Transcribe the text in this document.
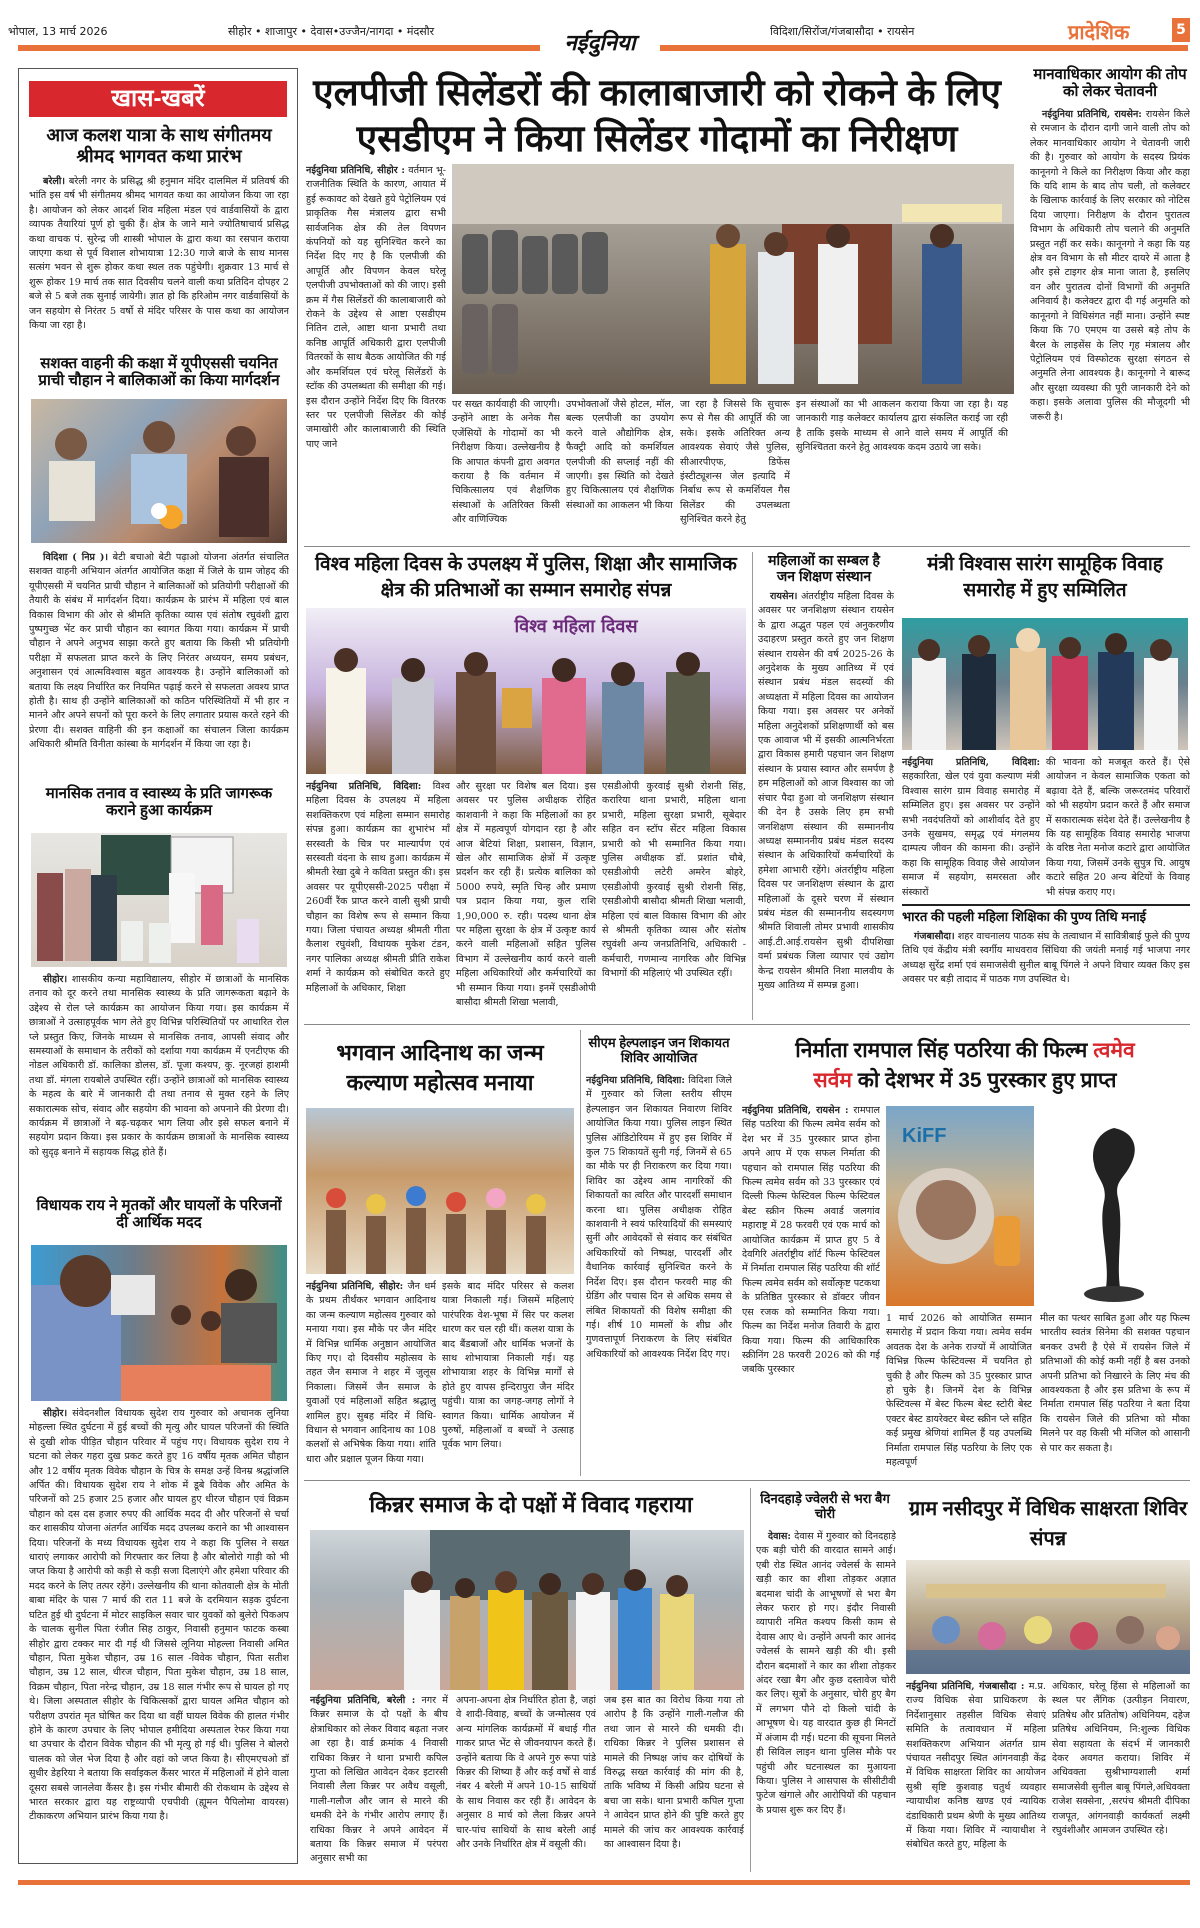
भोपाल, 13 मार्च 2026	सीहोर • शाजापुर • देवास•उज्जैन/नागदा • मंदसौर	विदिशा/सिरोंज/गंजबासौदा • रायसेन
नईदुनिया	प्रादेशिक	5
खास-खबरें
आज कलश यात्रा के साथ संगीतमय श्रीमद भागवत कथा प्रारंभ
बरेली। बरेली नगर के प्रसिद्ध श्री हनुमान मंदिर दालमिल में प्रतिवर्ष की भांति इस वर्ष भी संगीतमय श्रीमद भागवत कथा का आयोजन किया जा रहा है। आयोजन को लेकर आदर्श शिव महिला मंडल एवं वार्डवासियों के द्वारा व्यापक तैयारियां पूर्ण हो चुकी हैं। क्षेत्र के जाने माने ज्योतिषाचार्य प्रसिद्ध कथा वाचक पं. सुरेन्द्र जी शास्त्री भोपाल के द्वारा कथा का रसपान कराया जाएगा कथा से पूर्व विशाल शोभायात्रा 12:30 गाजे बाजे के साथ मानस सत्संग भवन से शुरू होकर कथा स्थल तक पहुंचेगी। शुक्रवार 13 मार्च से शुरू होकर 19 मार्च तक सात दिवसीय चलने वाली कथा प्रतिदिन दोपहर 2 बजे से 5 बजे तक सुनाई जायेगी। ज्ञात हो कि हरिओम नगर वार्डवासियों के जन सहयोग से निरंतर 5 वर्षो से मंदिर परिसर के पास कथा का आयोजन किया जा रहा है।
सशक्त वाहनी की कक्षा में यूपीएससी चयनित प्राची चौहान ने बालिकाओं का किया मार्गदर्शन
विदिशा ( निप्र )। बेटी बचाओ बेटी पढ़ाओ योजना अंतर्गत संचालित सशक्त वाहनी अभियान अंतर्गत आयोजित कक्षा में जिले के ग्राम जोहद की यूपीएससी में चयनित प्राची चौहान ने बालिकाओं को प्रतियोगी परीक्षाओं की तैयारी के संबंध में मार्गदर्शन दिया। कार्यक्रम के प्रारंभ में महिला एवं बाल विकास विभाग की ओर से श्रीमति कृतिका व्यास एवं संतोष रघुवंशी द्वारा पुष्पगुच्छ भेंट कर प्राची चौहान का स्वागत किया गया। कार्यक्रम में प्राची चौहान ने अपने अनुभव साझा करते हुए बताया कि किसी भी प्रतियोगी परीक्षा में सफलता प्राप्त करने के लिए निरंतर अध्ययन, समय प्रबंधन, अनुशासन एवं आत्मविश्वास बहुत आवश्यक है। उन्होंने बालिकाओं को बताया कि लक्ष्य निर्धारित कर नियमित पढ़ाई करने से सफलता अवश्य प्राप्त होती है। साथ ही उन्होंने बालिकाओं को कठिन परिस्थितियों में भी हार न मानने और अपने सपनों को पूरा करने के लिए लगातार प्रयास करते रहने की प्रेरणा दी। सशक्त वाहिनी की इन कक्षाओं का संचालन जिला कार्यक्रम अधिकारी श्रीमति विनीता कांस्बा के मार्गदर्शन में किया जा रहा है।
मानसिक तनाव व स्वास्थ्य के प्रति जागरूक कराने हुआ कार्यक्रम
सीहोर। शासकीय कन्या महाविद्यालय, सीहोर में छात्राओं के मानसिक तनाव को दूर करने तथा मानसिक स्वास्थ्य के प्रति जागरूकता बढ़ाने के उद्देश्य से रोल प्ले कार्यक्रम का आयोजन किया गया। इस कार्यक्रम में छात्राओं ने उत्साहपूर्वक भाग लेते हुए विभिन्न परिस्थितियों पर आधारित रोल प्ले प्रस्तुत किए, जिनके माध्यम से मानसिक तनाव, आपसी संवाद और समस्याओं के समाधान के तरीकों को दर्शाया गया कार्यक्रम में एनटीएफ की नोडल अधिकारी डॉ. कालिका डोलस, डॉ. पूजा कश्यप, कु. नूरजहां हाशमी तथा डॉ. मंगला रायबोले उपस्थित रहीं। उन्होंने छात्राओं को मानसिक स्वास्थ्य के महत्व के बारे में जानकारी दी तथा तनाव से मुक्त रहने के लिए सकारात्मक सोच, संवाद और सहयोग की भावना को अपनाने की प्रेरणा दी। कार्यक्रम में छात्राओं ने बढ़-चढ़कर भाग लिया और इसे सफल बनाने में सहयोग प्रदान किया। इस प्रकार के कार्यक्रम छात्राओं के मानसिक स्वास्थ्य को सुदृढ़ बनाने में सहायक सिद्ध होते हैं।
विधायक राय ने मृतकों और घायलों के परिजनों दी आर्थिक मदद
सीहोर। संवेदनशील विधायक सुदेश राय गुरुवार को अचानक लुनिया मोहल्ला स्थित दुर्घटना में हुई बच्चों की मृत्यु और घायल परिजनों की स्थिति से दुखी शोक पीड़ित चौहान परिवार में पहुंच गए। विधायक सुदेश राय ने घटना को लेकर गहरा दुख प्रकट करते हुए 16 वर्षीय मृतक अमित चौहान और 12 वर्षीय मृतक विवेक चौहान के चित्र के समक्ष उन्हें विनम्र श्रद्धांजलि अर्पित की। विधायक सुदेश राय ने शोक में डूबे विवेक और अमित के परिजनों को 25 हजार 25 हजार और घायल हुए धीरज चौहान एवं विक्रम चौहान को दस दस हजार रुपए की आर्थिक मदद दी और परिजनों से चर्चा कर शासकीय योजना अंतर्गत आर्थिक मदद उपलब्ध कराने का भी आश्वासन दिया। परिजनों के मध्य विधायक सुदेश राय ने कहा कि पुलिस ने सख्त धाराएं लगाकर आरोपी को गिरफ्तार कर लिया है और बोलोरो गाड़ी को भी जप्त किया है आरोपी को कड़ी से कड़ी सजा दिलाएंगे और हमेशा परिवार की मदद करने के लिए तत्पर रहेंगे। उल्लेखनीय की थाना कोतवाली क्षेत्र के मोती बाबा मंदिर के पास 7 मार्च की रात 11 बजे के दरमियान सड़क दुर्घटना घटित हुई थी दुर्घटना में मोटर साइकिल सवार चार युवकों को बुलेरो पिकअप के चालक सुनील पिता रंजीत सिह ठाकुर, निवासी हनुमान फाटक कस्बा सीहोर द्वारा टक्कर मार दी गई थी जिससे लूनिया मोहल्ला निवासी अमित चौहान, पिता मुकेश चौहान, उम्र 16 साल -विवेक चौहान, पिता सतीश चौहान, उम्र 12 साल, धीरज चौहान, पिता मुकेश चौहान, उम्र 18 साल, विक्रम चौहान, पिता नरेन्द्र चौहान, उम्र 18 साल गंभीर रूप से घायल हो गए थे। जिला अस्पताल सीहोर के चिकित्सकों द्वारा घायल अमित चौहान को परीक्षण उपरांत मृत घोषित कर दिया था वहीं घायल विवेक की हालत गंभीर होने के कारण उपचार के लिए भोपाल हमीदिया अस्पताल रेफर किया गया था उपचार के दौरान विवेक चौहान की भी मृत्यु हो गई थी। पुलिस ने बोलरो चालक को जेल भेज दिया है और वहां को जप्त किया है। सीएमएचओ डॉ सुधीर डेहरिया ने बताया कि सर्वाइकल कैंसर भारत में महिलाओं में होने वाला दूसरा सबसे जानलेवा कैंसर है। इस गंभीर बीमारी की रोकथाम के उद्देश्य से भारत सरकार द्वारा यह राष्ट्रव्यापी एचपीवी (ह्यूमन पैपिलोमा वायरस) टीकाकरण अभियान प्रारंभ किया गया है।
एलपीजी सिलेंडरों की कालाबाजारी को रोकने के लिए
एसडीएम ने किया सिलेंडर गोदामों का निरीक्षण
नईदुनिया प्रतिनिधि, सीहोर : वर्तमान भू-राजनीतिक स्थिति के कारण, आयात में हुई रूकावट को देखते हुये पेट्रोलियम एवं प्राकृतिक गैस मंत्रालय द्वारा सभी सार्वजनिक क्षेत्र की तेल विपणन कंपनियों को यह सुनिश्चित करने का निर्देश दिए गए है कि एलपीजी की आपूर्ति और विपणन केवल घरेलू एलपीजी उपभोक्ताओं को की जाए। इसी क्रम में गैस सिलेंडरों की कालाबाजारी को रोकने के उद्देश्य से आष्टा एसडीएम नितिन टाले, आष्टा थाना प्रभारी तथा कनिष्ठ आपूर्ति अधिकारी द्वारा एलपीजी वितरकों के साथ बैठक आयोजित की गई और कमर्शियल एवं घरेलू सिलेंडरों के स्टॉक की उपलब्धता की समीक्षा की गई। इस दौरान उन्होंने निर्देश दिए कि वितरक स्तर पर एलपीजी सिलेंडर की कोई जमाखोरी और कालाबाजारी की स्थिति पाए जाने
पर सख्त कार्यवाही की जाएगी। उन्होंने आष्टा के अनेक गैस एजेंसियों के गोदामों का भी निरीक्षण किया। उल्लेखनीय है कि आपात कंपनी द्वारा अवगत कराया है कि वर्तमान में चिकित्सालय एवं शैक्षणिक संस्थाओं के अतिरिक्त किसी और वाणिज्यिक
उपभोक्ताओं जैसे होटल, मॉल, बल्क एलपीजी का उपयोग करने वाले औद्योगिक क्षेत्र, फैक्ट्री आदि को कमर्शियल एलपीजी की सप्लाई नहीं की जाएगी। इस स्थिति को देखते हुए चिकित्सालय एवं शैक्षणिक संस्थाओं का आकलन भी किया
जा रहा है जिससे कि सुचारू रूप से गैस की आपूर्ति की जा सके। इसके अतिरिक्त अन्य आवश्यक सेवाएं जैसे पुलिस, सीआरपीएफ, डिफेंस इंस्टीट्यूशन्स जेल इत्यादि में निर्बाध रूप से कमर्शियल गैस सिलेंडर की उपलब्धता सुनिश्चित करने हेतु
इन संस्थाओं का भी आकलन कराया किया जा रहा है। यह जानकारी गाड़ कलेक्टर कार्यालय द्वारा संकलित कराई जा रही है ताकि इसके माध्यम से आने वाले समय में आपूर्ति की सुनिश्चितता करने हेतु आवश्यक कदम उठाये जा सके।
मानवाधिकार आयोग की तोप को लेकर चेतावनी
नईदुनिया प्रतिनिधि, रायसेन: रायसेन किले से रमजान के दौरान दागी जाने वाली तोप को लेकर मानवाधिकार आयोग ने चेतावनी जारी की है। गुरुवार को आयोग के सदस्य प्रियंक कानूनगो ने किले का निरीक्षण किया और कहा कि यदि शाम के बाद तोप चली, तो कलेक्टर के खिलाफ कार्रवाई के लिए सरकार को नोटिस दिया जाएगा। निरीक्षण के दौरान पुरातत्व विभाग के अधिकारी तोप चलाने की अनुमति प्रस्तुत नहीं कर सके। कानूनगो ने कहा कि यह क्षेत्र वन विभाग के सौ मीटर दायरे में आता है और इसे टाइगर क्षेत्र माना जाता है, इसलिए वन और पुरातत्व दोनों विभागों की अनुमति अनिवार्य है। कलेक्टर द्वारा दी गई अनुमति को कानूनगो ने विधिसंगत नहीं माना। उन्होंने स्पष्ट किया कि 70 एमएम या उससे बड़े तोप के बैरल के लाइसेंस के लिए गृह मंत्रालय और पेट्रोलियम एवं विस्फोटक सुरक्षा संगठन से अनुमति लेना आवश्यक है। कानूनगो ने बारूद और सुरक्षा व्यवस्था की पूरी जानकारी देने को कहा। इसके अलावा पुलिस की मौजूदगी भी जरूरी है।
विश्व महिला दिवस के उपलक्ष्य में पुलिस, शिक्षा और सामाजिक क्षेत्र की प्रतिभाओं का सम्मान समारोह संपन्न
विश्व महिला दिवस
नईदुनिया प्रतिनिधि, विदिशा: विश्व महिला दिवस के उपलक्ष्य में महिला सशक्तिकरण एवं महिला सम्मान समारोह संपन्न हुआ। कार्यक्रम का शुभारंभ माँ सरस्वती के चित्र पर माल्यार्पण एवं सरस्वती वंदना के साथ हुआ। कार्यक्रम में श्रीमती रेखा दुबे ने कविता प्रस्तुत की। इस अवसर पर यूपीएससी-2025 परीक्षा में 260वीं रैंक प्राप्त करने वाली सुश्री प्राची चौहान का विशेष रूप से सम्मान किया गया। जिला पंचायत अध्यक्ष श्रीमती गीता कैलाश रघुवंशी, विधायक मुकेश टंडन, नगर पालिका अध्यक्ष श्रीमती प्रीति राकेश शर्मा ने कार्यक्रम को संबोधित करते हुए महिलाओं के अधिकार, शिक्षा
और सुरक्षा पर विशेष बल दिया। इस अवसर पर पुलिस अधीक्षक रोहित काशवानी ने कहा कि महिलाओं का हर क्षेत्र में महत्वपूर्ण योगदान रहा है और आज बेटियां शिक्षा, प्रशासन, विज्ञान, खेल और सामाजिक क्षेत्रों में उत्कृष्ट प्रदर्शन कर रही हैं। प्रत्येक बालिका को 5000 रुपये, स्मृति चिन्ह और प्रमाण पत्र प्रदान किया गया, कुल राशि 1,90,000 रु. रही। पदस्थ थाना क्षेत्र पर महिला सुरक्षा के क्षेत्र में उत्कृष्ट कार्य करने वाली महिलाओं सहित पुलिस विभाग में उल्लेखनीय कार्य करने वाली महिला अधिकारियों और कर्मचारियों का भी सम्मान किया गया। इनमें एसडीओपी बासौदा श्रीमती शिखा भलावी,
एसडीओपी कुरवाई सुश्री रोशनी सिंह, करारिया थाना प्रभारी, महिला थाना प्रभारी, महिला सुरक्षा प्रभारी, सूबेदार सहित वन स्टॉप सेंटर महिला विकास प्रभारी को भी सम्मानित किया गया। पुलिस अधीक्षक डॉ. प्रशांत चौबे, एसडीओपी लटेरी अमरेन बोहरे, एसडीओपी कुरवाई सुश्री रोशनी सिंह, एसडीओपी बासौदा श्रीमती शिखा भलावी, महिला एवं बाल विकास विभाग की ओर से श्रीमती कृतिका व्यास और संतोष रघुवंशी अन्य जनप्रतिनिधि, अधिकारी - कर्मचारी, गणमान्य नागरिक और विभिन्न विभागों की महिलाएं भी उपस्थित रहीं।
महिलाओं का सम्बल है जन शिक्षण संस्थान
रायसेन। अंतर्राष्ट्रीय महिला दिवस के अवसर पर जनशिक्षण संस्थान रायसेन के द्वारा अद्भुत पहल एवं अनुकरणीय उदाहरण प्रस्तुत करते हुए जन शिक्षण संस्थान रायसेन की वर्ष 2025-26 के अनुदेशक के मुख्य आतिथ्य में एवं संस्थान प्रबंध मंडल सदस्यों की अध्यक्षता में महिला दिवस का आयोजन किया गया। इस अवसर पर अनेकों महिला अनुदेशकों प्रशिक्षणार्थी को बस एक आवाज भी में इसकी आत्मनिर्भरता द्वारा विकास हमारी पहचान जन शिक्षण संस्थान के प्रयास स्वाग्त और समर्पण है हम महिलाओं को आज विश्वास का जो संचार पैदा हुआ वो जनशिक्षण संस्थान की देन है उसके लिए हम सभी जनशिक्षण संस्थान की सम्माननीय अध्यक्ष सम्माननीय प्रबंध मंडल सदस्य संस्थान के अधिकारियों कर्मचारियों के हमेशा आभारी रहेंगे। अंतर्राष्ट्रीय महिला दिवस पर जनशिक्षण संस्थान के द्वारा महिलाओं के दूसरे चरण में संस्थान प्रबंध मंडल की सम्माननीय सदस्यगण श्रीमति शिवाली तोमर प्रभावी शासकीय आई.टी.आई.रायसेन सुश्री दीपशिखा वर्मा प्रबंधक जिला व्यापार एवं उद्योग केन्द्र रायसेन श्रीमति निशा मालवीय के मुख्य आतिथ्य में सम्पन्न हुआ।
मंत्री विश्वास सारंग सामूहिक विवाह समारोह में हुए सम्मिलित
नईदुनिया प्रतिनिधि, विदिशा: सहकारिता, खेल एवं युवा कल्याण मंत्री विश्वास सारंग ग्राम विवाह समारोह में सम्मिलित हुए। इस अवसर पर उन्होंने सभी नवदंपतियों को आशीर्वाद देते हुए उनके सुखमय, समृद्ध एवं मंगलमय दाम्पत्य जीवन की कामना की। उन्होंने कहा कि सामूहिक विवाह जैसे आयोजन समाज में सहयोग, समरसता और संस्कारों
की भावना को मजबूत करते हैं। ऐसे आयोजन न केवल सामाजिक एकता को बढ़ावा देते हैं, बल्कि जरूरतमंद परिवारों को भी सहयोग प्रदान करते हैं और समाज में सकारात्मक संदेश देते हैं। उल्लेखनीय है कि यह सामूहिक विवाह समारोह भाजपा के वरिष्ठ नेता मनोज कटारे द्वारा आयोजित किया गया, जिसमें उनके सुपुत्र चि. आयुष कटारे सहित 20 अन्य बेटियों के विवाह भी संपन्न कराए गए।
भारत की पहली महिला शिक्षिका की पुण्य तिथि मनाई
गंजबासौदा। शहर वाचनालय पाठक संघ के तत्वाधान में सावित्रीबाई फुले की पुण्य तिथि एवं केंद्रीय मंत्री स्वर्गीय माधवराव सिंधिया की जयंती मनाई गई भाजपा नगर अध्यक्ष सुरेंद्र शर्मा एवं समाजसेवी सुनील बाबू पिंगले ने अपने विचार व्यक्त किए इस अवसर पर बड़ी तादाद में पाठक गण उपस्थित थे।
भगवान आदिनाथ का जन्म कल्याण महोत्सव मनाया
नईदुनिया प्रतिनिधि, सीहोर: जैन धर्म के प्रथम तीर्थंकर भगवान आदिनाथ का जन्म कल्याण महोत्सव गुरुवार को मनाया गया। इस मौके पर जैन मंदिर में विभिन्न धार्मिक अनुष्ठान आयोजित किए गए। दो दिवसीय महोत्सव के तहत जैन समाज ने शहर में जुलूस निकाला। जिसमें जैन समाज के युवाओं एवं महिलाओं सहित श्रद्धालु शामिल हुए। सुबह मंदिर में विधि-विधान से भगवान आदिनाथ का 108 कलशों से अभिषेक किया गया। शांति धारा और प्रक्षाल पूजन किया गया।
इसके बाद मंदिर परिसर से कलश यात्रा निकाली गई। जिसमें महिलाएं पारंपरिक वेश-भूषा में सिर पर कलश धारण कर चल रही थीं। कलश यात्रा के बाद बैंडबाजों और धार्मिक भजनों के साथ शोभायात्रा निकाली गई। यह शोभायात्रा शहर के विभिन्न मार्गों से होते हुए वापस इन्दिरापुरा जैन मंदिर पहुंची। यात्रा का जगह-जगह लोगों ने स्वागत किया। धार्मिक आयोजन में पुरुषों, महिलाओं व बच्चों ने उत्साह पूर्वक भाग लिया।
सीएम हेल्पलाइन जन शिकायत शिविर आयोजित
नईदुनिया प्रतिनिधि, विदिशा: विदिशा जिले में गुरुवार को जिला स्तरीय सीएम हेल्पलाइन जन शिकायत निवारण शिविर आयोजित किया गया। पुलिस लाइन स्थित पुलिस ऑडिटोरियम में हुए इस शिविर में कुल 75 शिकायतें सुनी गई, जिनमें से 65 का मौके पर ही निराकरण कर दिया गया। शिविर का उद्देश्य आम नागरिकों की शिकायतों का त्वरित और पारदर्शी समाधान करना था। पुलिस अधीक्षक रोहित काशवानी ने स्वयं फरियादियों की समस्याएं सुनीं और आवेदकों से संवाद कर संबंधित अधिकारियों को निष्पक्ष, पारदर्शी और वैधानिक कार्रवाई सुनिश्चित करने के निर्देश दिए। इस दौरान फरवरी माह की ग्रेडिंग और पचास दिन से अधिक समय से लंबित शिकायतों की विशेष समीक्षा की गई। शीर्ष 10 मामलों के शीघ्र और गुणवत्तापूर्ण निराकरण के लिए संबंधित अधिकारियों को आवश्यक निर्देश दिए गए।
निर्माता रामपाल सिंह पठरिया की फिल्म त्वमेव
सर्वम को देशभर में 35 पुरस्कार हुए प्राप्त
नईदुनिया प्रतिनिधि, रायसेन : रामपाल सिंह पठरिया की फिल्म त्वमेव सर्वम को देश भर में 35 पुरस्कार प्राप्त होना अपने आप में एक सफल निर्माता की पहचान को रामपाल सिंह पठरिया की फिल्म त्वमेव सर्वम को 33 पुरस्कार एवं दिल्ली फिल्म फेस्टिवल फिल्म फेस्टिवल बेस्ट स्क्रीन फिल्म अवार्ड जलगांव महाराष्ट्र में 28 फरवरी एवं एक मार्च को आयोजित कार्यक्रम में प्राप्त हुए 5 वे देवगिरि अंतर्राष्ट्रीय शॉर्ट फिल्म फेस्टिवल में निर्माता रामपाल सिंह पठरिया की शॉर्ट फिल्म त्वमेव सर्वम को सर्वोत्कृष्ट पटकथा के प्रतिष्ठित पुरस्कार से डॉक्टर जीवन एस रजक को सम्मानित किया गया। फिल्म का निर्देश मनोज तिवारी के द्वारा किया गया। फिल्म की आधिकारिक स्क्रीनिंग 28 फरवरी 2026 को की गई जबकि पुरस्कार
KiFF
1 मार्च 2026 को आयोजित सम्मान समारोह में प्रदान किया गया। त्वमेव सर्वम अवतक देश के अनेक राज्यों में आयोजित विभिन्न फिल्म फेस्टिवल्स में चयनित हो चुकी है और फिल्म को 35 पुरस्कार प्राप्त हो चुके है। जिनमें देश के विभिन्न फेस्टिवल्स में बेस्ट फिल्म बेस्ट स्टोरी बेस्ट एक्टर बेस्ट डायरेक्टर बेस्ट स्क्रीन प्ले सहित कई प्रमुख श्रेणियां शामिल हैं यह उपलब्धि निर्माता रामपाल सिंह पठरिया के लिए एक महत्वपूर्ण
मील का पत्थर साबित हुआ और यह फिल्म भारतीय स्वतंत्र सिनेमा की सशक्त पहचान बनकर उभरी है ऐसे में रायसेन जिले में प्रतिभाओं की कोई कमी नहीं है बस उनको अपनी प्रतिभा को निखारने के लिए मंच की आवश्यकता है और इस प्रतिभा के रूप में निर्माता रामपाल सिंह पठरिया ने बता दिया कि रायसेन जिले की प्रतिभा को मौका मिलने पर वह किसी भी मंजिल को आसानी से पार कर सकता है।
किन्नर समाज के दो पक्षों में विवाद गहराया
नईदुनिया प्रतिनिधि, बरेली : नगर में किन्नर समाज के दो पक्षों के बीच क्षेत्राधिकार को लेकर विवाद बढ़ता नजर आ रहा है। वार्ड क्रमांक 4 निवासी राधिका किन्नर ने थाना प्रभारी कपिल गुप्ता को लिखित आवेदन देकर इटारसी निवासी लैला किन्नर पर अवैध वसूली, गाली-गलौज और जान से मारने की धमकी देने के गंभीर आरोप लगाए हैं। राधिका किन्नर ने अपने आवेदन में बताया कि किन्नर समाज में परंपरा अनुसार सभी का
अपना-अपना क्षेत्र निर्धारित होता है, जहां वे शादी-विवाह, बच्चों के जन्मोत्सव एवं अन्य मांगलिक कार्यक्रमों में बधाई गीत गाकर प्राप्त भेंट से जीवनयापन करते हैं। उन्होंने बताया कि वे अपने गुरु रूपा पांडे किन्नर की शिष्या हैं और कई वर्षों से वार्ड नंबर 4 बरेली में अपने 10-15 साथियों के साथ निवास कर रही हैं। आवेदन के अनुसार 8 मार्च को लैला किन्नर अपने चार-पांच साथियों के साथ बरेली आई और उनके निर्धारित क्षेत्र में वसूली की।
जब इस बात का विरोध किया गया तो आरोप है कि उन्होंने गाली-गलौज की तथा जान से मारने की धमकी दी। राधिका किन्नर ने पुलिस प्रशासन से मामले की निष्पक्ष जांच कर दोषियों के विरुद्ध सख्त कार्रवाई की मांग की है, ताकि भविष्य में किसी अप्रिय घटना से बचा जा सके। थाना प्रभारी कपिल गुप्ता ने आवेदन प्राप्त होने की पुष्टि करते हुए मामले की जांच कर आवश्यक कार्रवाई का आश्वासन दिया है।
दिनदहाड़े ज्वेलरी से भरा बैग चोरी
देवास: देवास में गुरुवार को दिनदहाड़े एक बड़ी चोरी की वारदात सामने आई। एबी रोड स्थित आनंद ज्वेलर्स के सामने खड़ी कार का शीशा तोड़कर अज्ञात बदमाश चांदी के आभूषणों से भरा बैग लेकर फरार हो गए। इंदौर निवासी व्यापारी नमित कश्यप किसी काम से देवास आए थे। उन्होंने अपनी कार आनंद ज्वेलर्स के सामने खड़ी की थी। इसी दौरान बदमाशों ने कार का शीशा तोड़कर अंदर रखा बैग और कुछ दस्तावेज चोरी कर लिए। सूत्रों के अनुसार, चोरी हुए बैग में लगभग पौने दो किलो चांदी के आभूषण थे। यह वारदात कुछ ही मिनटों में अंजाम दी गई। घटना की सूचना मिलते ही सिविल लाइन थाना पुलिस मौके पर पहुंची और घटनास्थल का मुआयना किया। पुलिस ने आसपास के सीसीटीवी फुटेज खंगाले और आरोपियों की पहचान के प्रयास शुरू कर दिए हैं।
ग्राम नसीदपुर में विधिक साक्षरता शिविर संपन्न
नईदुनिया प्रतिनिधि, गंजबासौदा : म.प्र. राज्य विधिक सेवा प्राधिकरण के निर्देशानुसार तहसील विधिक सेवाएं समिति के तत्वावधान में महिला सशक्तिकरण अभियान अंतर्गत ग्राम पंचायत नसीदपुर स्थित आंगनवाड़ी केंद्र में विधिक साक्षरता शिविर का आयोजन सुश्री सृष्टि कुशवाह चतुर्थ व्यवहार न्यायाधीश कनिष्ठ खण्ड एवं न्यायिक दंडाधिकारी प्रथम श्रेणी के मुख्य आतिथ्य में किया गया। शिविर में न्यायाधीश ने संबोधित करते हुए, महिला के
अधिकार, घरेलू हिंसा से महिलाओं का स्थल पर लैंगिक (उत्पीड़न निवारण, प्रतिषेध और प्रतितोष) अधिनियम, दहेज प्रतिषेध अधिनियम, नि:शुल्क विधिक सेवा सहायता के संदर्भ में जानकारी देकर अवगत कराया। शिविर में अधिवक्ता सुश्रीभाग्यशाली शर्मा समाजसेवी सुनील बाबू पिंगले,अधिवक्ता राजेश सक्सेना, ,सरपंच श्रीमती दीपिका राजपूत, आंगनवाड़ी कार्यकर्ता लक्ष्मी रघुवंशीऔर आमजन उपस्थित रहे।
